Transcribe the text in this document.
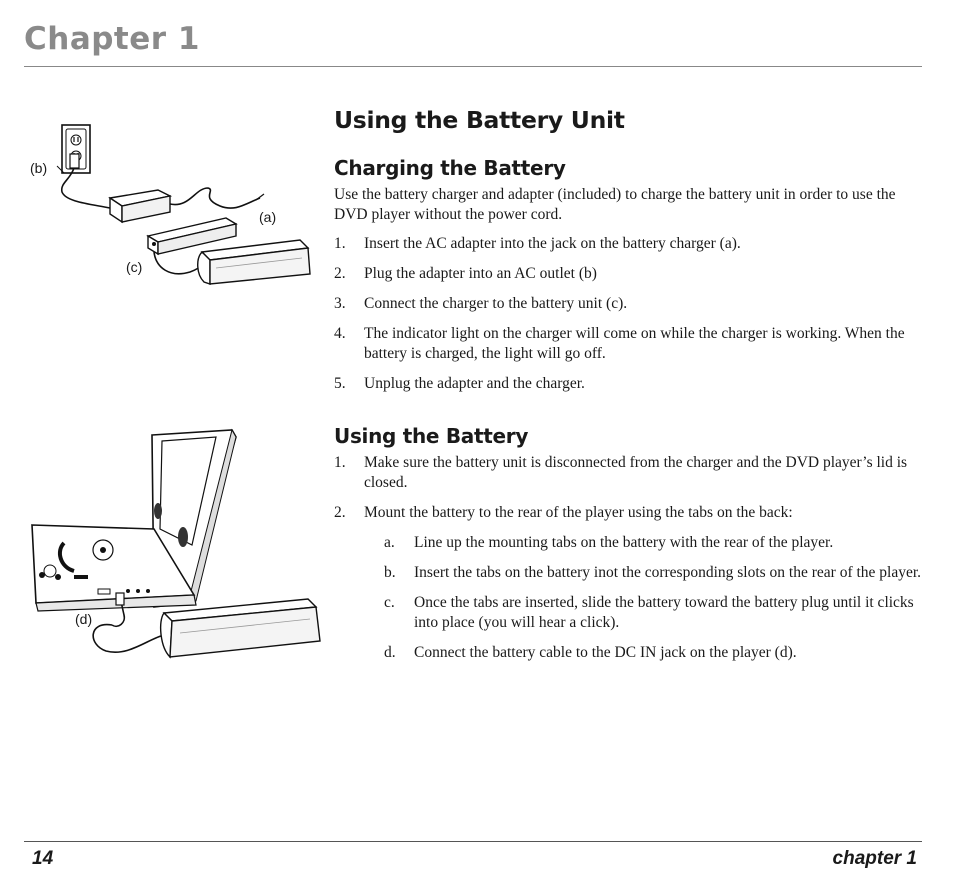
Chapter 1
(b)
(a)
(c)
(d)
Using the Battery Unit
Charging the Battery

Use the battery charger and adapter (included) to charge the battery unit in order to use the DVD player without the power cord.

1. Insert the AC adapter into the jack on the battery charger (a).
2. Plug the adapter into an AC outlet (b)
3. Connect the charger to the battery unit (c).
4. The indicator light on the charger will come on while the charger is working. When the battery is charged, the light will go off.
5. Unplug the adapter and the charger.
Using the Battery
1. Make sure the battery unit is disconnected from the charger and the DVD player’s lid is closed.
2. Mount the battery to the rear of the player using the tabs on the back:
a. Line up the mounting tabs on the battery with the rear of the player.
b. Insert the tabs on the battery inot the corresponding slots on the rear of the player.
c. Once the tabs are inserted, slide the battery toward the battery plug until it clicks into place (you will hear a click).
d. Connect the battery cable to the DC IN jack on the player (d).
14	chapter 1
